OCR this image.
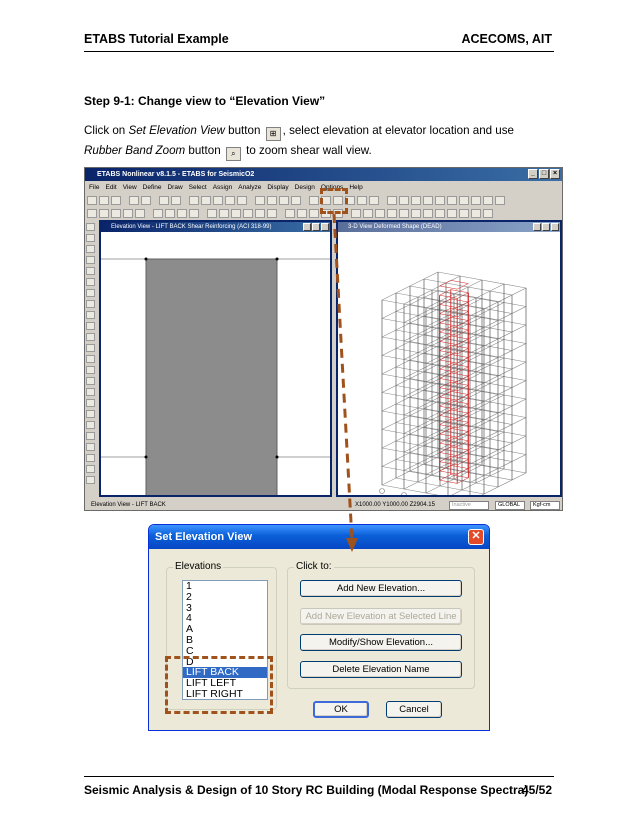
ETABS Tutorial Example	ACECOMS, AIT
Step 9-1: Change view to “Elevation View”
Click on Set Elevation View button ⊞ , select elevation at elevator location and use Rubber Band Zoom button ⌕ to zoom shear wall view.
ETABS Nonlinear v8.1.5 - ETABS for SeismicO2	_ □ ×
File Edit View Define Draw Select Assign Analyze Display Design Options Help
Elevation View - LIFT BACK Shear Reinforcing (ACI 318-99)	3-D View Deformed Shape (DEAD)
Elevation View - LIFT BACK	X1000.00 Y1000.00 Z2904.15	Inactive	GLOBAL	Kgf-cm
Set Elevation View	✕
Elevations
1
2
3
4
A
B
C
D
LIFT BACK
LIFT LEFT
LIFT RIGHT
Click to:
Add New Elevation...
Add New Elevation at Selected Line
Modify/Show Elevation...
Delete Elevation Name
OK	Cancel
Seismic Analysis & Design of 10 Story RC Building (Modal Response Spectra)
45/52
